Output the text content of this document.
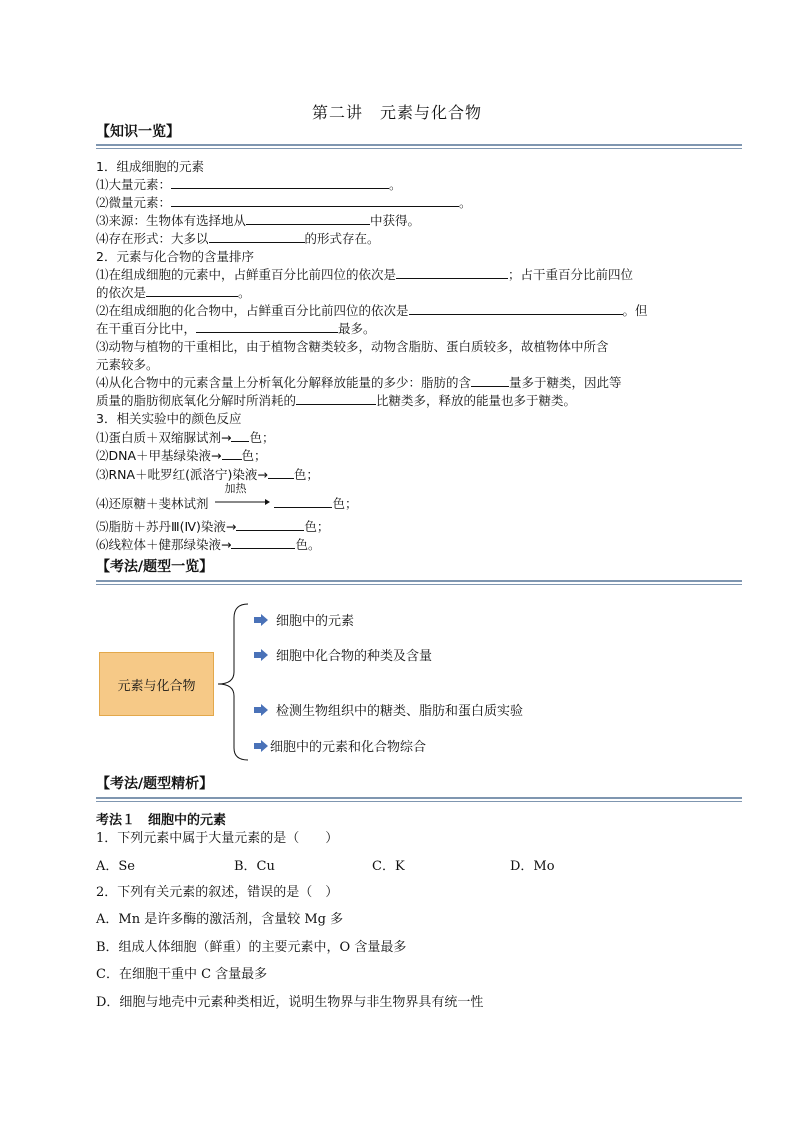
第二讲　元素与化合物
【知识一览】
1．组成细胞的元素
⑴大量元素：	。
⑵微量元素：	。
⑶来源：生物体有选择地从	中获得。
⑷存在形式：大多以	的形式存在。
2．元素与化合物的含量排序
⑴在组成细胞的元素中，占鲜重百分比前四位的依次是	；占干重百分比前四位
的依次是	。
⑵在组成细胞的化合物中，占鲜重百分比前四位的依次是	。但
在干重百分比中，	最多。
⑶动物与植物的干重相比，由于植物含糖类较多，动物含脂肪、蛋白质较多，故植物体中所含
元素较多。
⑷从化合物中的元素含量上分析氧化分解释放能量的多少：脂肪的含	量多于糖类，因此等
质量的脂肪彻底氧化分解时所消耗的	比糖类多，释放的能量也多于糖类。
3．相关实验中的颜色反应
⑴蛋白质＋双缩脲试剂→ 色；
⑵DNA＋甲基绿染液→ 色；
⑶RNA＋吡罗红(派洛宁)染液→ 色；
⑷还原糖＋斐林试剂
加热
色；
⑸脂肪＋苏丹Ⅲ(Ⅳ)染液→	色；
⑹线粒体＋健那绿染液→	色。
【考法/题型一览】
元素与化合物
细胞中的元素
细胞中化合物的种类及含量
检测生物组织中的糖类、脂肪和蛋白质实验
细胞中的元素和化合物综合
【考法/题型精析】
考法１　细胞中的元素
1．下列元素中属于大量元素的是（　　）
A．Se	B．Cu	C．K	D．Mo
2．下列有关元素的叙述，错误的是（　）
A．Mn 是许多酶的激活剂，含量较 Mg 多
B．组成人体细胞（鲜重）的主要元素中，O 含量最多
C．在细胞干重中 C 含量最多
D．细胞与地壳中元素种类相近，说明生物界与非生物界具有统一性
